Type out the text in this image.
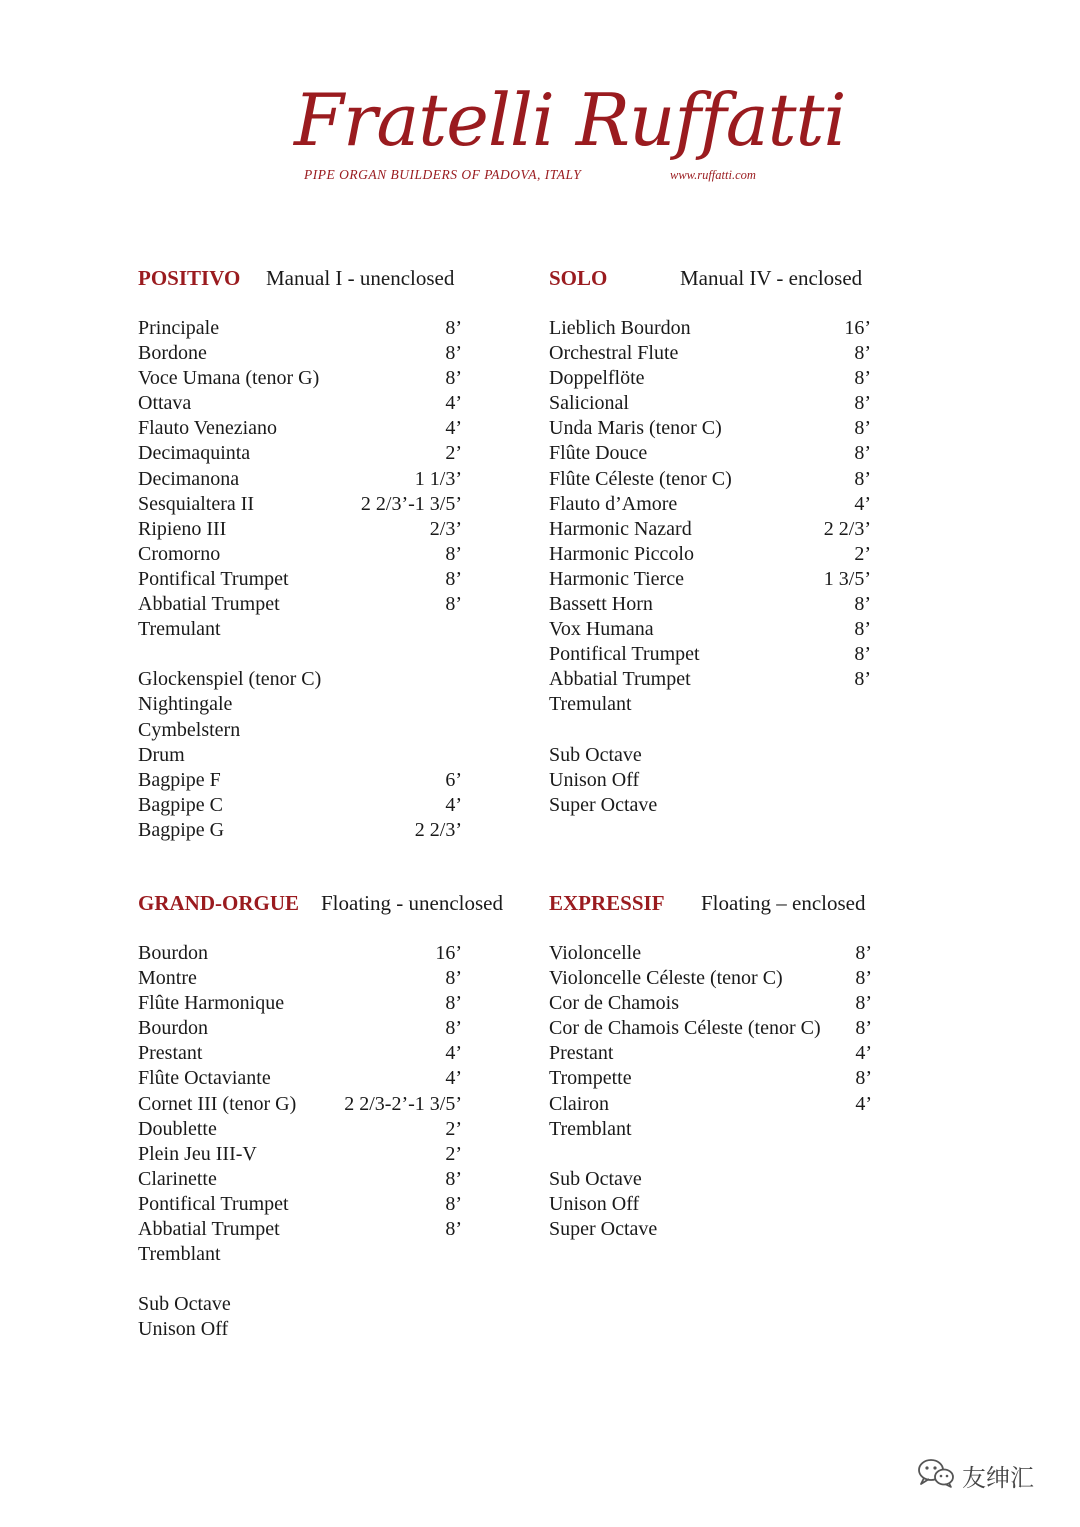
Fratelli Ruffatti
PIPE ORGAN BUILDERS OF PADOVA, ITALY	www.ruffatti.com
POSITIVO Manual I - unenclosed
Principale	8’
Bordone	8’
Voce Umana (tenor G)	8’
Ottava	4’
Flauto Veneziano	4’
Decimaquinta	2’
Decimanona	1 1/3’
Sesquialtera II	2 2/3’-1 3/5’
Ripieno III	2/3’
Cromorno	8’
Pontifical Trumpet	8’
Abbatial Trumpet	8’
Tremulant
Glockenspiel (tenor C)
Nightingale
Cymbelstern
Drum
Bagpipe F	6’
Bagpipe C	4’
Bagpipe G	2 2/3’
SOLO	Manual IV - enclosed
Lieblich Bourdon	16’
Orchestral Flute	8’
Doppelflöte	8’
Salicional	8’
Unda Maris (tenor C)	8’
Flûte Douce	8’
Flûte Céleste (tenor C)	8’
Flauto d’Amore	4’
Harmonic Nazard	2 2/3’
Harmonic Piccolo	2’
Harmonic Tierce	1 3/5’
Bassett Horn	8’
Vox Humana	8’
Pontifical Trumpet	8’
Abbatial Trumpet	8’
Tremulant
Sub Octave
Unison Off
Super Octave
GRAND-ORGUE Floating - unenclosed
Bourdon	16’
Montre	8’
Flûte Harmonique	8’
Bourdon	8’
Prestant	4’
Flûte Octaviante	4’
Cornet III (tenor G) 2 2/3-2’-1 3/5’
Doublette	2’
Plein Jeu III-V	2’
Clarinette	8’
Pontifical Trumpet	8’
Abbatial Trumpet	8’
Tremblant
Sub Octave
Unison Off
EXPRESSIF Floating – enclosed
Violoncelle	8’
Violoncelle Céleste (tenor C)	8’
Cor de Chamois	8’
Cor de Chamois Céleste (tenor C) 8’
Prestant	4’
Trompette	8’
Clairon	4’
Tremblant
Sub Octave
Unison Off
Super Octave
友绅汇
